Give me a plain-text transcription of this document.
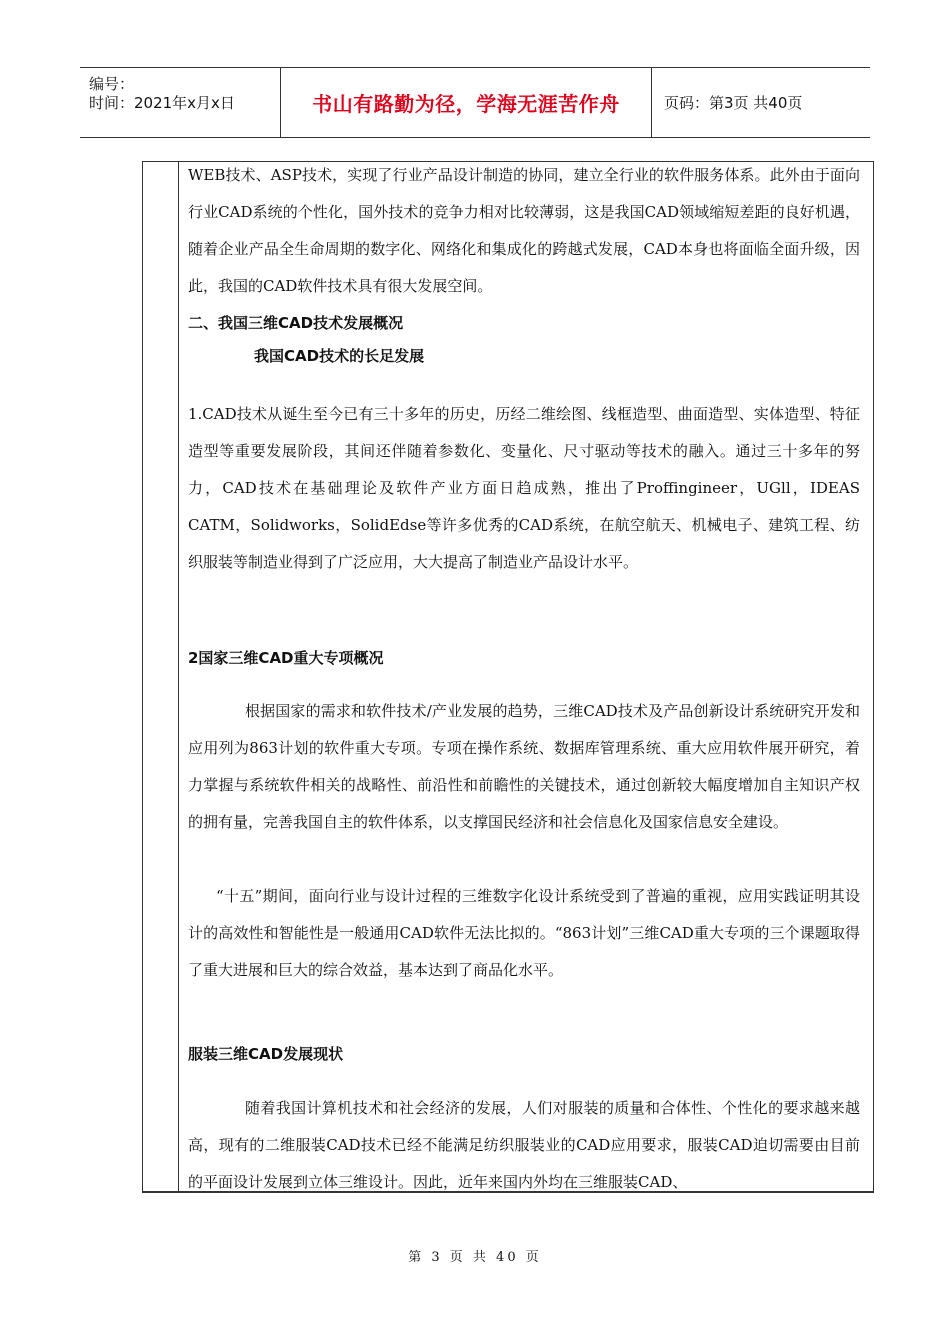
编号：
时间：2021年x月x日	书山有路勤为径，学海无涯苦作舟	页码：第3页 共40页

WEB技术、ASP技术，实现了行业产品设计制造的协同，建立全行业的软件服务体系。此外由于面向行业CAD系统的个性化，国外技术的竞争力相对比较薄弱，这是我国CAD领域缩短差距的良好机遇，随着企业产品全生命周期的数字化、网络化和集成化的跨越式发展，CAD本身也将面临全面升级，因此，我国的CAD软件技术具有很大发展空间。

二、我国三维CAD技术发展概况

我国CAD技术的长足发展

1.CAD技术从诞生至今已有三十多年的历史，历经二维绘图、线框造型、曲面造型、实体造型、特征造型等重要发展阶段，其间还伴随着参数化、变量化、尺寸驱动等技术的融入。通过三十多年的努力，CAD技术在基础理论及软件产业方面日趋成熟，推出了Proffingineer，UGll，IDEAS CATM，Solidworks，SolidEdse等许多优秀的CAD系统，在航空航天、机械电子、建筑工程、纺织服装等制造业得到了广泛应用，大大提高了制造业产品设计水平。

2国家三维CAD重大专项概况

根据国家的需求和软件技术/产业发展的趋势，三维CAD技术及产品创新设计系统研究开发和应用列为863计划的软件重大专项。专项在操作系统、数据库管理系统、重大应用软件展开研究，着力掌握与系统软件相关的战略性、前沿性和前瞻性的关键技术，通过创新较大幅度增加自主知识产权的拥有量，完善我国自主的软件体系，以支撑国民经济和社会信息化及国家信息安全建设。

“十五”期间，面向行业与设计过程的三维数字化设计系统受到了普遍的重视，应用实践证明其设计的高效性和智能性是一般通用CAD软件无法比拟的。“863计划”三维CAD重大专项的三个课题取得了重大进展和巨大的综合效益，基本达到了商品化水平。

服装三维CAD发展现状

随着我国计算机技术和社会经济的发展，人们对服装的质量和合体性、个性化的要求越来越高，现有的二维服装CAD技术已经不能满足纺织服装业的CAD应用要求，服装CAD迫切需要由目前的平面设计发展到立体三维设计。因此，近年来国内外均在三维服装CAD、

第 3 页 共 40 页
